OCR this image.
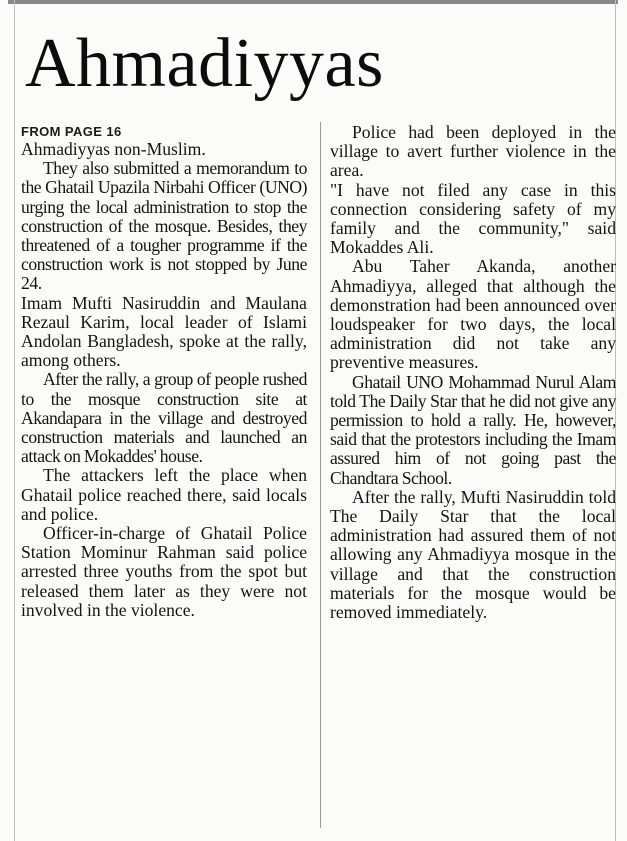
Ahmadiyyas
FROM PAGE 16

Ahmadiyyas non-Muslim.

They also submitted a memorandum to the Ghatail Upazila Nirbahi Officer (UNO) urging the local administration to stop the construction of the mosque. Besides, they threatened of a tougher programme if the construction work is not stopped by June 24.

Imam Mufti Nasiruddin and Maulana Rezaul Karim, local leader of Islami Andolan Bangladesh, spoke at the rally, among others.

After the rally, a group of people rushed to the mosque construction site at Akandapara in the village and destroyed construction materials and launched an attack on Mokaddes' house.

The attackers left the place when Ghatail police reached there, said locals and police.

Officer-in-charge of Ghatail Police Station Mominur Rahman said police arrested three youths from the spot but released them later as they were not involved in the violence.

Police had been deployed in the village to avert further violence in the area.

"I have not filed any case in this connection considering safety of my family and the community," said Mokaddes Ali.

Abu Taher Akanda, another Ahmadiyya, alleged that although the demonstration had been announced over loudspeaker for two days, the local administration did not take any preventive measures.

Ghatail UNO Mohammad Nurul Alam told The Daily Star that he did not give any permission to hold a rally. He, however, said that the protestors including the Imam assured him of not going past the Chandtara School.

After the rally, Mufti Nasiruddin told The Daily Star that the local administration had assured them of not allowing any Ahmadiyya mosque in the village and that the construction materials for the mosque would be removed immediately.
